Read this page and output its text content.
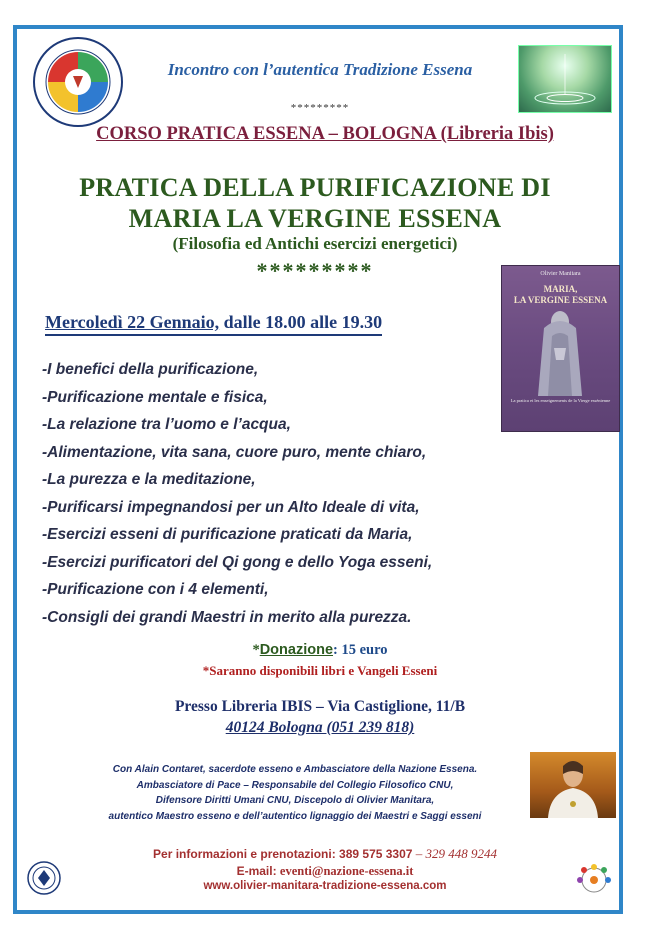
Incontro con l’autentica Tradizione Essena
*********
CORSO PRATICA ESSENA – BOLOGNA (Libreria Ibis)
PRATICA DELLA PURIFICAZIONE DI
MARIA LA VERGINE ESSENA
(Filosofia ed Antichi esercizi energetici)
*********
Mercoledì 22 Gennaio, dalle 18.00 alle 19.30
Olivier Manitara
MARIA,
LA VERGINE ESSENA
La pratica et les enseignements de la Vierge essénienne
-I benefici della purificazione,
-Purificazione mentale e fisica,
-La relazione tra l’uomo e l’acqua,
-Alimentazione, vita sana, cuore puro, mente chiaro,
-La purezza e la meditazione,
-Purificarsi impegnandosi per un Alto Ideale di vita,
-Esercizi esseni di purificazione praticati da Maria,
-Esercizi purificatori del Qi gong e dello Yoga esseni,
-Purificazione con i 4 elementi,
-Consigli dei grandi Maestri in merito alla purezza.
*Donazione: 15 euro
*Saranno disponibili libri e Vangeli Esseni
Presso Libreria IBIS – Via Castiglione, 11/B
40124 Bologna (051 239 818)
Con Alain Contaret, sacerdote esseno e Ambasciatore della Nazione Essena.
Ambasciatore di Pace – Responsabile del Collegio Filosofico CNU,
Difensore Diritti Umani CNU, Discepolo di Olivier Manitara,
autentico Maestro esseno e dell’autentico lignaggio dei Maestri e Saggi esseni
Per informazioni e prenotazioni: 389 575 3307 – 329 448 9244
E-mail: eventi@nazione-essena.it
www.olivier-manitara-tradizione-essena.com
